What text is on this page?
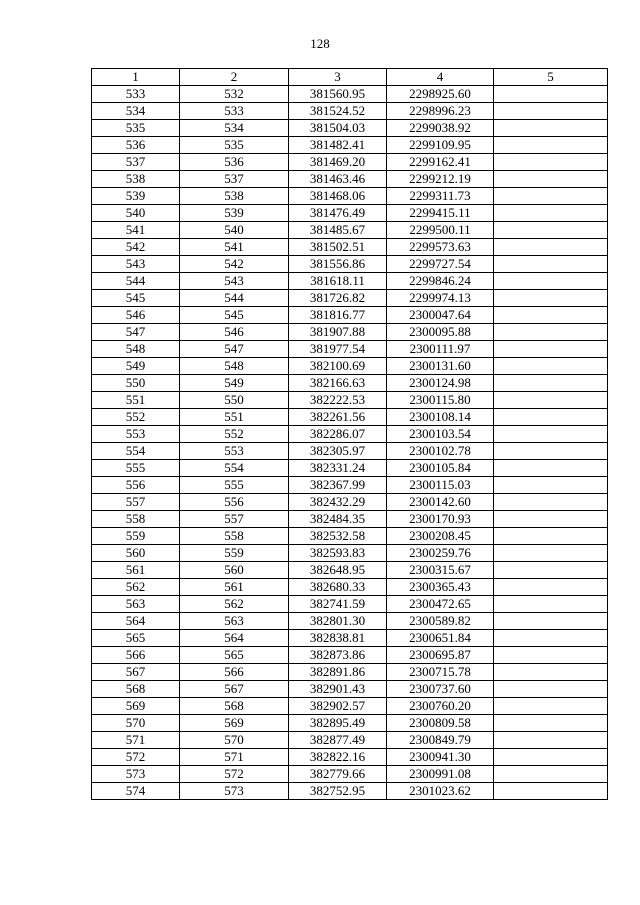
128
1	2	3	4	5
533	532	381560.95	2298925.60	
534	533	381524.52	2298996.23	
535	534	381504.03	2299038.92	
536	535	381482.41	2299109.95	
537	536	381469.20	2299162.41	
538	537	381463.46	2299212.19	
539	538	381468.06	2299311.73	
540	539	381476.49	2299415.11	
541	540	381485.67	2299500.11	
542	541	381502.51	2299573.63	
543	542	381556.86	2299727.54	
544	543	381618.11	2299846.24	
545	544	381726.82	2299974.13	
546	545	381816.77	2300047.64	
547	546	381907.88	2300095.88	
548	547	381977.54	2300111.97	
549	548	382100.69	2300131.60	
550	549	382166.63	2300124.98	
551	550	382222.53	2300115.80	
552	551	382261.56	2300108.14	
553	552	382286.07	2300103.54	
554	553	382305.97	2300102.78	
555	554	382331.24	2300105.84	
556	555	382367.99	2300115.03	
557	556	382432.29	2300142.60	
558	557	382484.35	2300170.93	
559	558	382532.58	2300208.45	
560	559	382593.83	2300259.76	
561	560	382648.95	2300315.67	
562	561	382680.33	2300365.43	
563	562	382741.59	2300472.65	
564	563	382801.30	2300589.82	
565	564	382838.81	2300651.84	
566	565	382873.86	2300695.87	
567	566	382891.86	2300715.78	
568	567	382901.43	2300737.60	
569	568	382902.57	2300760.20	
570	569	382895.49	2300809.58	
571	570	382877.49	2300849.79	
572	571	382822.16	2300941.30	
573	572	382779.66	2300991.08	
574	573	382752.95	2301023.62	
